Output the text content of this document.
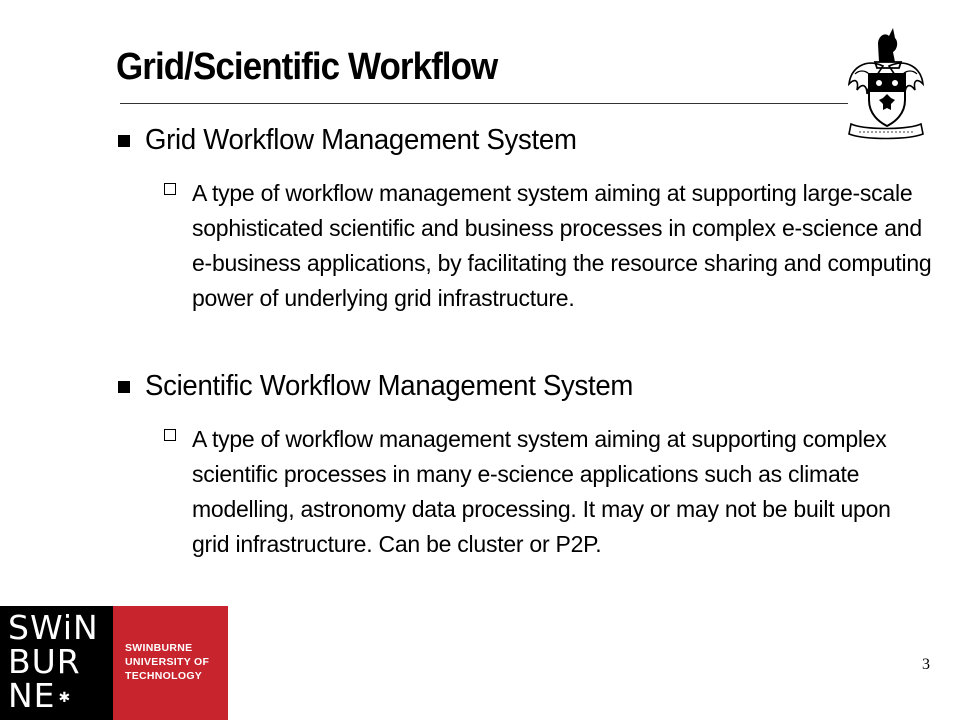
Grid/Scientific Workflow
Grid Workflow Management System
A type of workflow management system aiming at supporting large-scale sophisticated scientific and business processes in complex e-science and e-business applications, by facilitating the resource sharing and computing power of underlying grid infrastructure.
Scientific Workflow Management System
A type of workflow management system aiming at supporting complex scientific processes in many e-science applications such as climate modelling, astronomy data processing. It may or may not be built upon grid infrastructure. Can be cluster or P2P.
SWiN
BUR
NE ✱
SWINBURNE
UNIVERSITY OF
TECHNOLOGY
3
